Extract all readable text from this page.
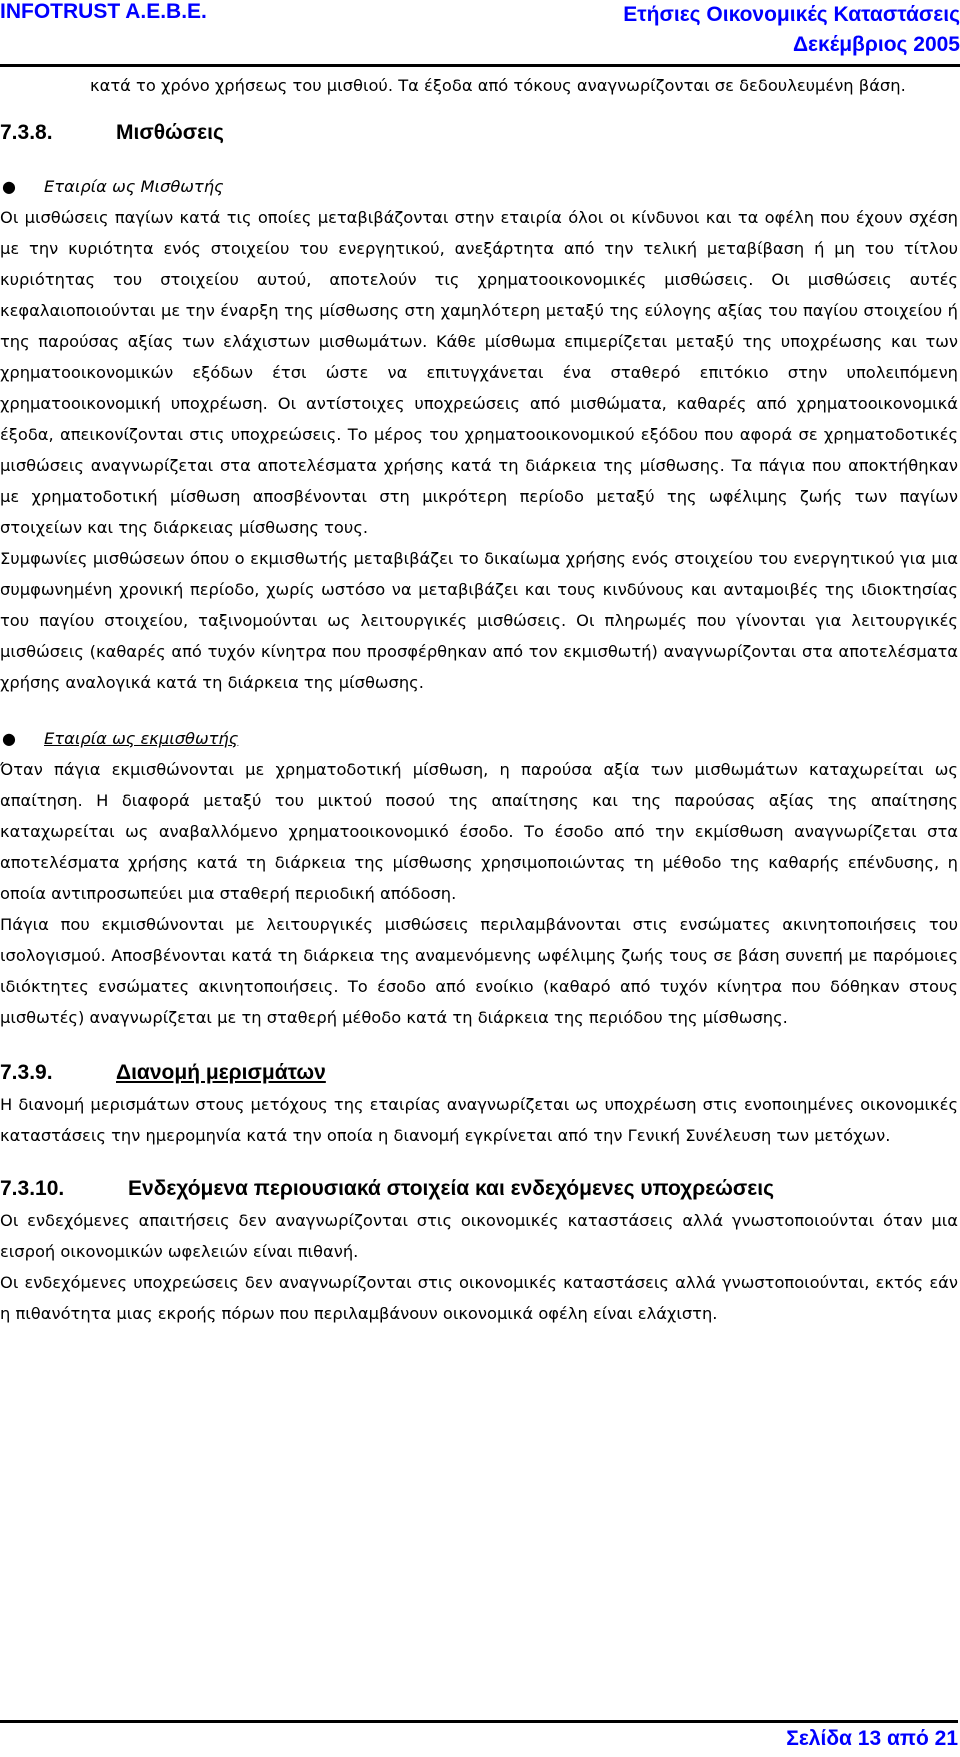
INFOTRUST A.E.B.E.	Ετήσιες Οικονομικές Καταστάσεις
Δεκέμβριος 2005

κατά το χρόνο χρήσεως του μισθιού. Τα έξοδα από τόκους αναγνωρίζονται σε δεδουλευμένη βάση.

7.3.8.	Μισθώσεις
● Εταιρία ως Μισθωτής

Οι μισθώσεις παγίων κατά τις οποίες μεταβιβάζονται στην εταιρία όλοι οι κίνδυνοι και τα οφέλη που έχουν σχέση με την κυριότητα ενός στοιχείου του ενεργητικού, ανεξάρτητα από την τελική μεταβίβαση ή μη του τίτλου κυριότητας του στοιχείου αυτού, αποτελούν τις χρηματοοικονομικές μισθώσεις. Οι μισθώσεις αυτές κεφαλαιοποιούνται με την έναρξη της μίσθωσης στη χαμηλότερη μεταξύ της εύλογης αξίας του παγίου στοιχείου ή της παρούσας αξίας των ελάχιστων μισθωμάτων. Κάθε μίσθωμα επιμερίζεται μεταξύ της υποχρέωσης και των χρηματοοικονομικών εξόδων έτσι ώστε να επιτυγχάνεται ένα σταθερό επιτόκιο στην υπολειπόμενη χρηματοοικονομική υποχρέωση. Οι αντίστοιχες υποχρεώσεις από μισθώματα, καθαρές από χρηματοοικονομικά έξοδα, απεικονίζονται στις υποχρεώσεις. Το μέρος του χρηματοοικονομικού εξόδου που αφορά σε χρηματοδοτικές μισθώσεις αναγνωρίζεται στα αποτελέσματα χρήσης κατά τη διάρκεια της μίσθωσης. Τα πάγια που αποκτήθηκαν με χρηματοδοτική μίσθωση αποσβένονται στη μικρότερη περίοδο μεταξύ της ωφέλιμης ζωής των παγίων στοιχείων και της διάρκειας μίσθωσης τους.

Συμφωνίες μισθώσεων όπου ο εκμισθωτής μεταβιβάζει το δικαίωμα χρήσης ενός στοιχείου του ενεργητικού για μια συμφωνημένη χρονική περίοδο, χωρίς ωστόσο να μεταβιβάζει και τους κινδύνους και ανταμοιβές της ιδιοκτησίας του παγίου στοιχείου, ταξινομούνται ως λειτουργικές μισθώσεις. Οι πληρωμές που γίνονται για λειτουργικές μισθώσεις (καθαρές από τυχόν κίνητρα που προσφέρθηκαν από τον εκμισθωτή) αναγνωρίζονται στα αποτελέσματα χρήσης αναλογικά κατά τη διάρκεια της μίσθωσης.

● Εταιρία ως εκμισθωτής

Όταν πάγια εκμισθώνονται με χρηματοδοτική μίσθωση, η παρούσα αξία των μισθωμάτων καταχωρείται ως απαίτηση. Η διαφορά μεταξύ του μικτού ποσού της απαίτησης και της παρούσας αξίας της απαίτησης καταχωρείται ως αναβαλλόμενο χρηματοοικονομικό έσοδο. Το έσοδο από την εκμίσθωση αναγνωρίζεται στα αποτελέσματα χρήσης κατά τη διάρκεια της μίσθωσης χρησιμοποιώντας τη μέθοδο της καθαρής επένδυσης, η οποία αντιπροσωπεύει μια σταθερή περιοδική απόδοση.

Πάγια που εκμισθώνονται με λειτουργικές μισθώσεις περιλαμβάνονται στις ενσώματες ακινητοποιήσεις του ισολογισμού. Αποσβένονται κατά τη διάρκεια της αναμενόμενης ωφέλιμης ζωής τους σε βάση συνεπή με παρόμοιες ιδιόκτητες ενσώματες ακινητοποιήσεις. Το έσοδο από ενοίκιο (καθαρό από τυχόν κίνητρα που δόθηκαν στους μισθωτές) αναγνωρίζεται με τη σταθερή μέθοδο κατά τη διάρκεια της περιόδου της μίσθωσης.

7.3.9.	Διανομή μερισμάτων

Η διανομή μερισμάτων στους μετόχους της εταιρίας αναγνωρίζεται ως υποχρέωση στις ενοποιημένες οικονομικές καταστάσεις την ημερομηνία κατά την οποία η διανομή εγκρίνεται από την Γενική Συνέλευση των μετόχων.

7.3.10.	Ενδεχόμενα περιουσιακά στοιχεία και ενδεχόμενες υποχρεώσεις

Οι ενδεχόμενες απαιτήσεις δεν αναγνωρίζονται στις οικονομικές καταστάσεις αλλά γνωστοποιούνται όταν μια εισροή οικονομικών ωφελειών είναι πιθανή.

Οι ενδεχόμενες υποχρεώσεις δεν αναγνωρίζονται στις οικονομικές καταστάσεις αλλά γνωστοποιούνται, εκτός εάν η πιθανότητα μιας εκροής πόρων που περιλαμβάνουν οικονομικά οφέλη είναι ελάχιστη.

Σελίδα 13 από 21
